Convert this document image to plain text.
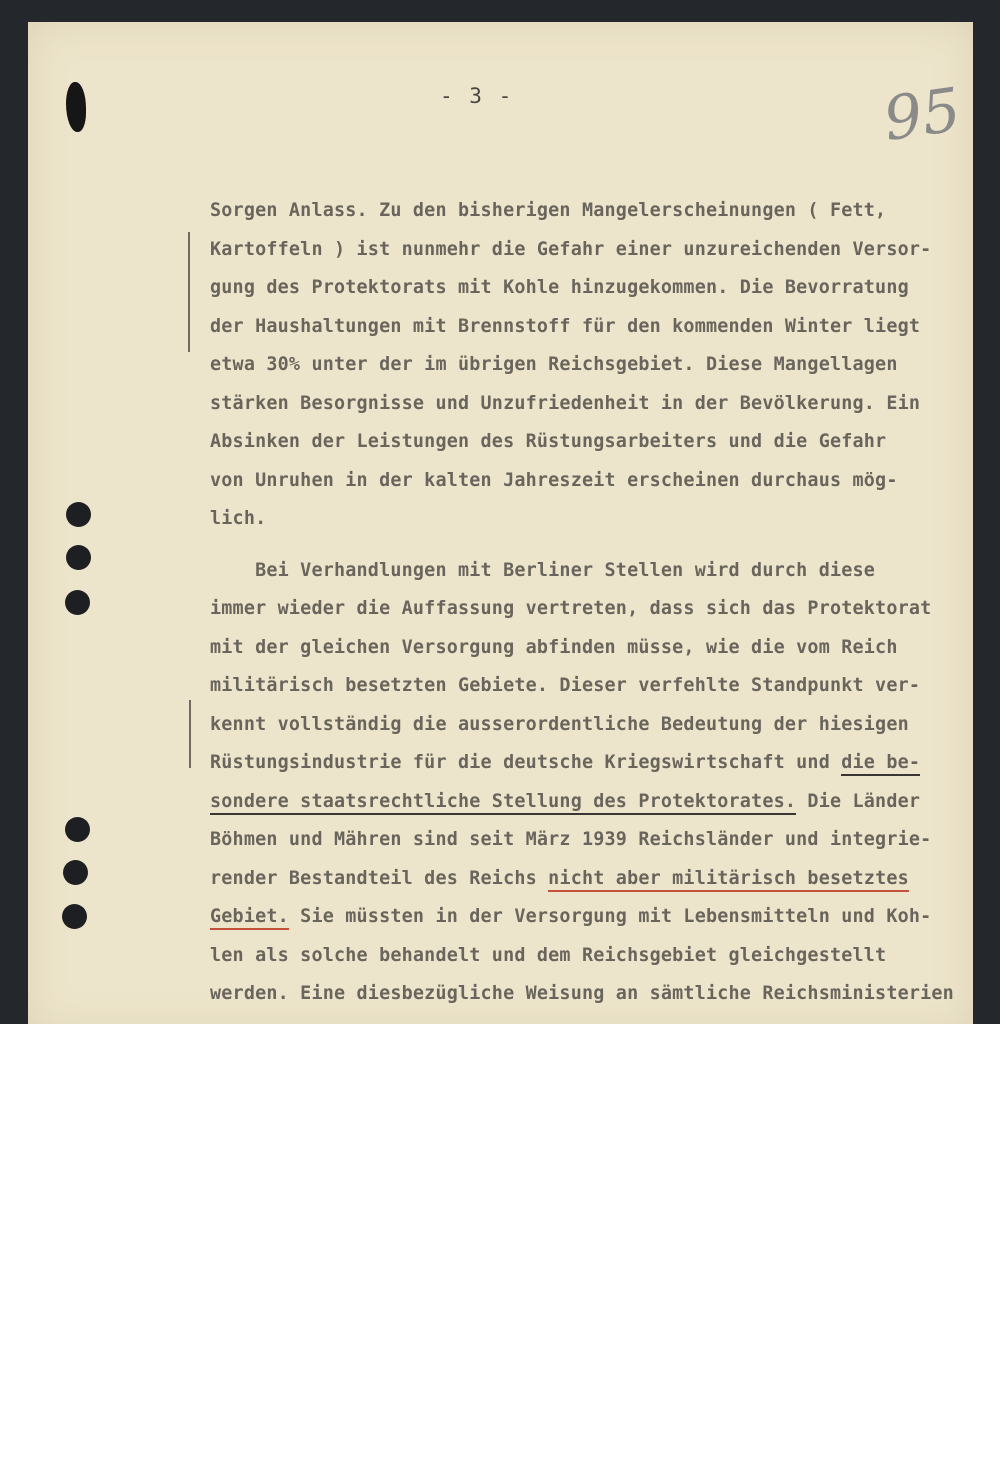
- 3 -	95
Sorgen Anlass. Zu den bisherigen Mangelerscheinungen ( Fett,
Kartoffeln ) ist nunmehr die Gefahr einer unzureichenden Versor-
gung des Protektorats mit Kohle hinzugekommen. Die Bevorratung
der Haushaltungen mit Brennstoff für den kommenden Winter liegt
etwa 30% unter der im übrigen Reichsgebiet. Diese Mangellagen
stärken Besorgnisse und Unzufriedenheit in der Bevölkerung. Ein
Absinken der Leistungen des Rüstungsarbeiters und die Gefahr
von Unruhen in der kalten Jahreszeit erscheinen durchaus mög-
lich.
Bei Verhandlungen mit Berliner Stellen wird durch diese
immer wieder die Auffassung vertreten, dass sich das Protektorat
mit der gleichen Versorgung abfinden müsse, wie die vom Reich
militärisch besetzten Gebiete. Dieser verfehlte Standpunkt ver-
kennt vollständig die ausserordentliche Bedeutung der hiesigen
Rüstungsindustrie für die deutsche Kriegswirtschaft und die be-
sondere staatsrechtliche Stellung des Protektorates. Die Länder
Böhmen und Mähren sind seit März 1939 Reichsländer und integrie-
render Bestandteil des Reichs nicht aber militärisch besetztes
Gebiet. Sie müssten in der Versorgung mit Lebensmitteln und Koh-
len als solche behandelt und dem Reichsgebiet gleichgestellt
werden. Eine diesbezügliche Weisung an sämtliche Reichsministerien
